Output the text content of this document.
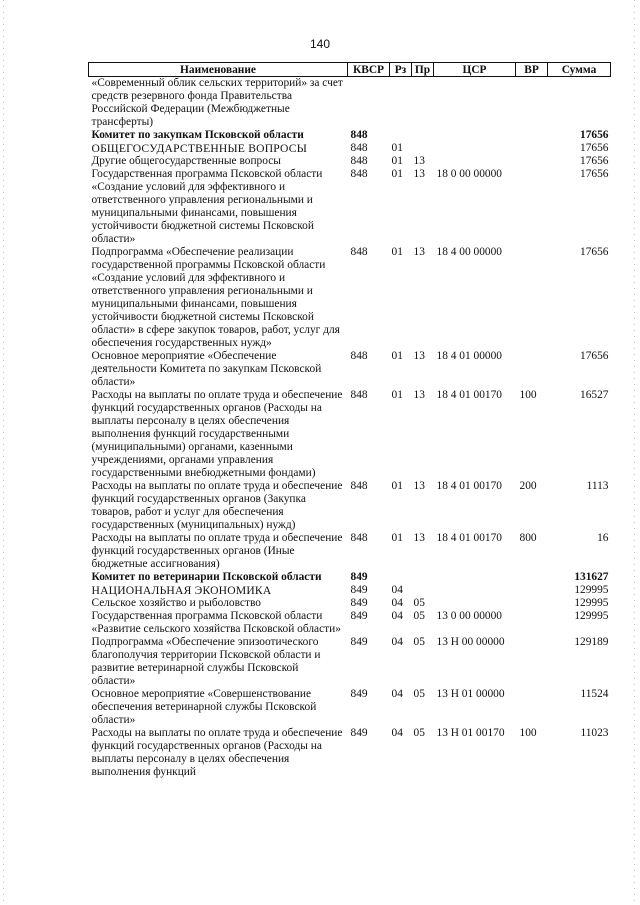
140
Наименование	КВСР	Рз	Пр	ЦСР	ВР	Сумма
«Современный облик сельских территорий» за счет средств резервного фонда Правительства Российской Федерации (Межбюджетные трансферты)						
Комитет по закупкам Псковской области	848					17656
ОБЩЕГОСУДАРСТВЕННЫЕ ВОПРОСЫ	848	01				17656
Другие общегосударственные вопросы	848	01	13			17656
Государственная программа Псковской области «Создание условий для эффективного и ответственного управления региональными и муниципальными финансами, повышения устойчивости бюджетной системы Псковской области»	848	01	13	18 0 00 00000		17656
Подпрограмма «Обеспечение реализации государственной программы Псковской области «Создание условий для эффективного и ответственного управления региональными и муниципальными финансами, повышения устойчивости бюджетной системы Псковской области» в сфере закупок товаров, работ, услуг для обеспечения государственных нужд»	848	01	13	18 4 00 00000		17656
Основное мероприятие «Обеспечение деятельности Комитета по закупкам Псковской области»	848	01	13	18 4 01 00000		17656
Расходы на выплаты по оплате труда и обеспечение функций государственных органов (Расходы на выплаты персоналу в целях обеспечения выполнения функций государственными (муниципальными) органами, казенными учреждениями, органами управления государственными внебюджетными фондами)	848	01	13	18 4 01 00170	100	16527
Расходы на выплаты по оплате труда и обеспечение функций государственных органов (Закупка товаров, работ и услуг для обеспечения государственных (муниципальных) нужд)	848	01	13	18 4 01 00170	200	1113
Расходы на выплаты по оплате труда и обеспечение функций государственных органов (Иные бюджетные ассигнования)	848	01	13	18 4 01 00170	800	16
Комитет по ветеринарии Псковской области	849					131627
НАЦИОНАЛЬНАЯ ЭКОНОМИКА	849	04				129995
Сельское хозяйство и рыболовство	849	04	05			129995
Государственная программа Псковской области «Развитие сельского хозяйства Псковской области»	849	04	05	13 0 00 00000		129995
Подпрограмма «Обеспечение эпизоотического благополучия территории Псковской области и развитие ветеринарной службы Псковской области»	849	04	05	13 Н 00 00000		129189
Основное мероприятие «Совершенствование обеспечения ветеринарной службы Псковской области»	849	04	05	13 Н 01 00000		11524
Расходы на выплаты по оплате труда и обеспечение функций государственных органов (Расходы на выплаты персоналу в целях обеспечения выполнения функций	849	04	05	13 Н 01 00170	100	11023
